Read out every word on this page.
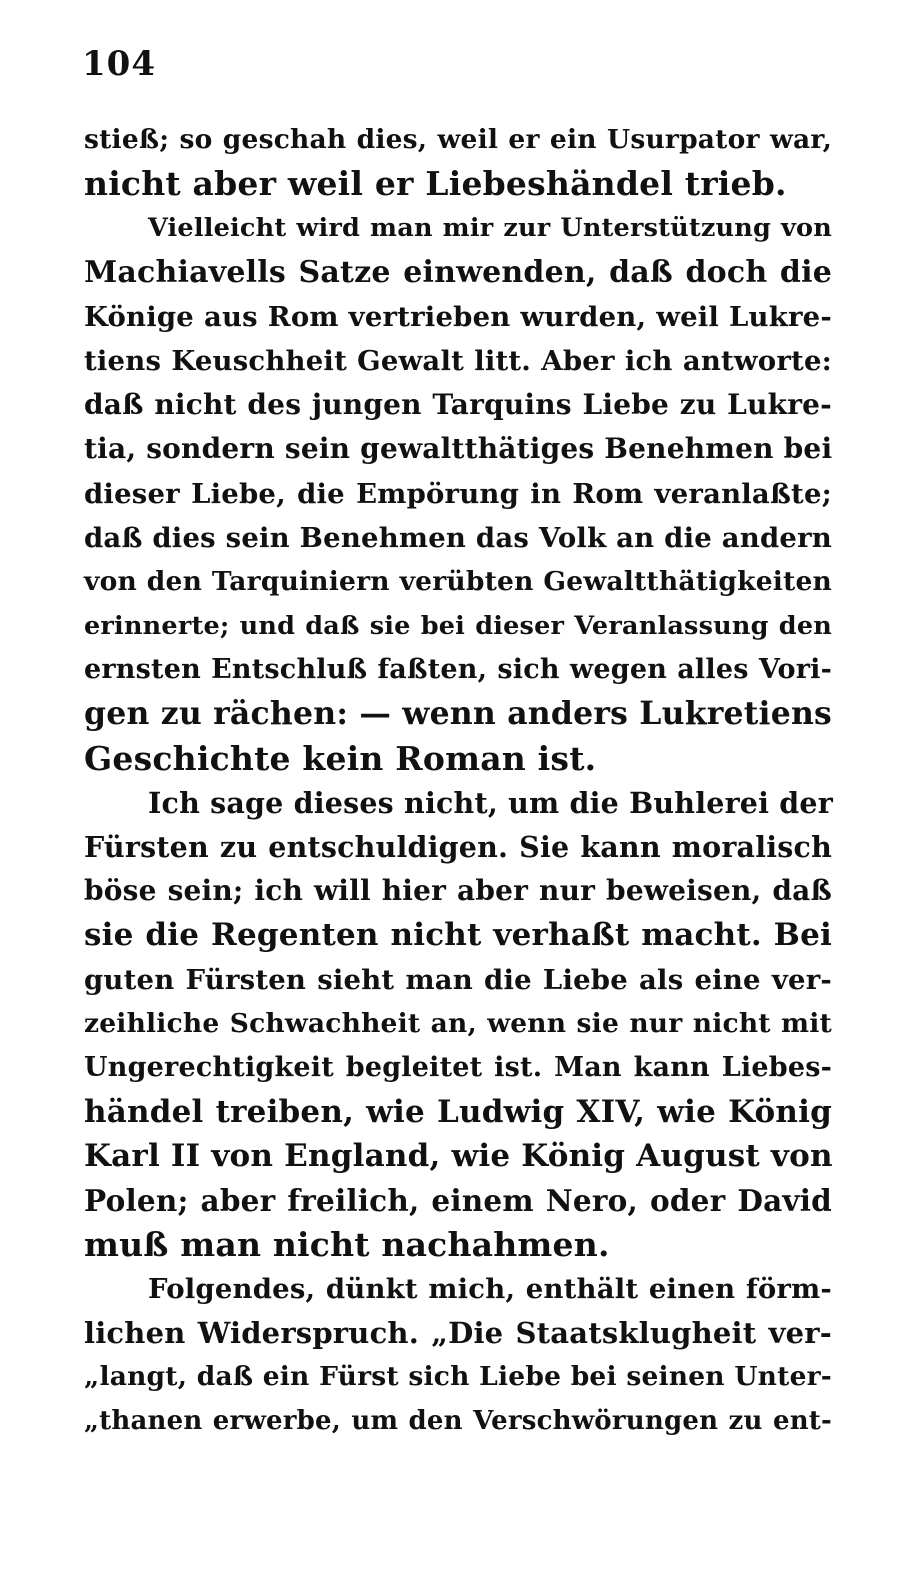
104
stieß; so geschah dies, weil er ein Usurpator war,
nicht aber weil er Liebeshändel trieb.
Vielleicht wird man mir zur Unterstützung von
Machiavells Satze einwenden, daß doch die
Könige aus Rom vertrieben wurden, weil Lukre-
tiens Keuschheit Gewalt litt. Aber ich antworte:
daß nicht des jungen Tarquins Liebe zu Lukre-
tia, sondern sein gewaltthätiges Benehmen bei
dieser Liebe, die Empörung in Rom veranlaßte;
daß dies sein Benehmen das Volk an die andern
von den Tarquiniern verübten Gewaltthätigkeiten
erinnerte; und daß sie bei dieser Veranlassung den
ernsten Entschluß faßten, sich wegen alles Vori-
gen zu rächen: — wenn anders Lukretiens
Geschichte kein Roman ist.
Ich sage dieses nicht, um die Buhlerei der
Fürsten zu entschuldigen. Sie kann moralisch
böse sein; ich will hier aber nur beweisen, daß
sie die Regenten nicht verhaßt macht. Bei
guten Fürsten sieht man die Liebe als eine ver-
zeihliche Schwachheit an, wenn sie nur nicht mit
Ungerechtigkeit begleitet ist. Man kann Liebes-
händel treiben, wie Ludwig XIV, wie König
Karl II von England, wie König August von
Polen; aber freilich, einem Nero, oder David
muß man nicht nachahmen.
Folgendes, dünkt mich, enthält einen förm-
lichen Widerspruch. „Die Staatsklugheit ver-
„langt, daß ein Fürst sich Liebe bei seinen Unter-
„thanen erwerbe, um den Verschwörungen zu ent-
